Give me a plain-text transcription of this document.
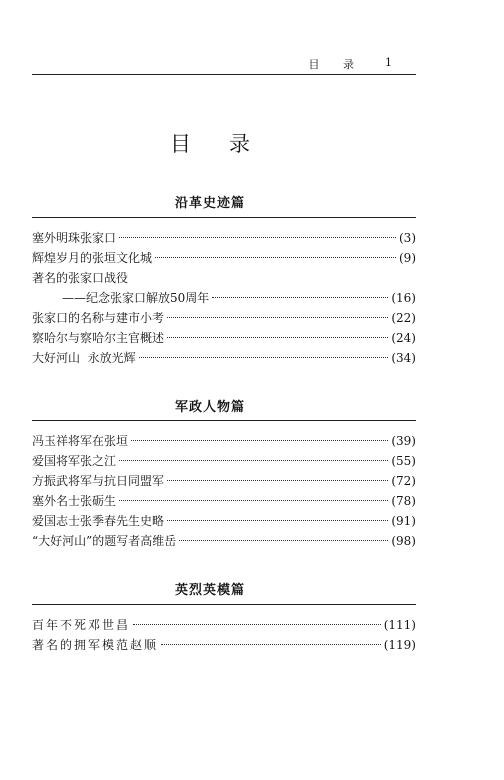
目 录 1
目录
沿革史迹篇
塞外明珠张家口	(3)
辉煌岁月的张垣文化城	(9)
著名的张家口战役
——纪念张家口解放50周年	(16)
张家口的名称与建市小考	(22)
察哈尔与察哈尔主官概述	(24)
大好河山  永放光辉	(34)
军政人物篇
冯玉祥将军在张垣	(39)
爱国将军张之江	(55)
方振武将军与抗日同盟军	(72)
塞外名士张砺生	(78)
爱国志士张季春先生史略	(91)
“大好河山”的题写者高维岳	(98)
英烈英模篇
百年不死邓世昌	(111)
著名的拥军模范赵顺	(119)
